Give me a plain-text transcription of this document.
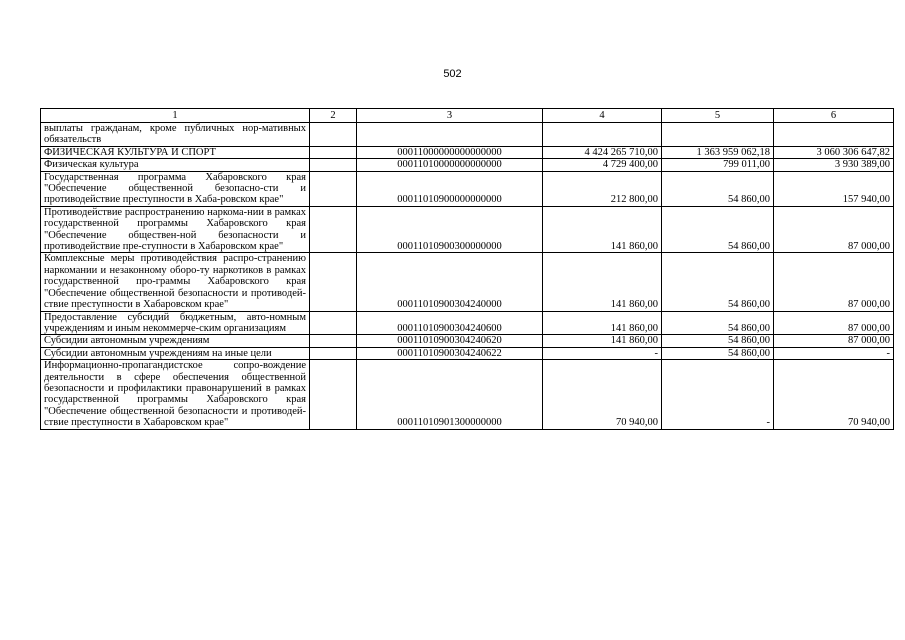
502
1	2	3	4	5	6
выплаты гражданам, кроме публичных нор-мативных обязательств					
ФИЗИЧЕСКАЯ КУЛЬТУРА И СПОРТ		00011000000000000000	4 424 265 710,00	1 363 959 062,18	3 060 306 647,82
Физическая культура		00011010000000000000	4 729 400,00	799 011,00	3 930 389,00
Государственная программа Хабаровского края "Обеспечение общественной безопасно-сти и противодействие преступности в Хаба-ровском крае"		00011010900000000000	212 800,00	54 860,00	157 940,00
Противодействие распространению наркома-нии в рамках государственной программы Хабаровского края "Обеспечение обществен-ной безопасности и противодействие пре-ступности в Хабаровском крае"		00011010900300000000	141 860,00	54 860,00	87 000,00
Комплексные меры противодействия распро-странению наркомании и незаконному оборо-ту наркотиков в рамках государственной про-граммы Хабаровского края "Обеспечение общественной безопасности и противодей-ствие преступности в Хабаровском крае"		00011010900304240000	141 860,00	54 860,00	87 000,00
Предоставление субсидий бюджетным, авто-номным учреждениям и иным некоммерче-ским организациям		00011010900304240600	141 860,00	54 860,00	87 000,00
Субсидии автономным учреждениям		00011010900304240620	141 860,00	54 860,00	87 000,00
Субсидии автономным учреждениям на иные цели		00011010900304240622	-	54 860,00	-
Информационно-пропагандистское сопро-вождение деятельности в сфере обеспечения общественной безопасности и профилактики правонарушений в рамках государственной программы Хабаровского края "Обеспечение общественной безопасности и противодей-ствие преступности в Хабаровском крае"		00011010901300000000	70 940,00	-	70 940,00
